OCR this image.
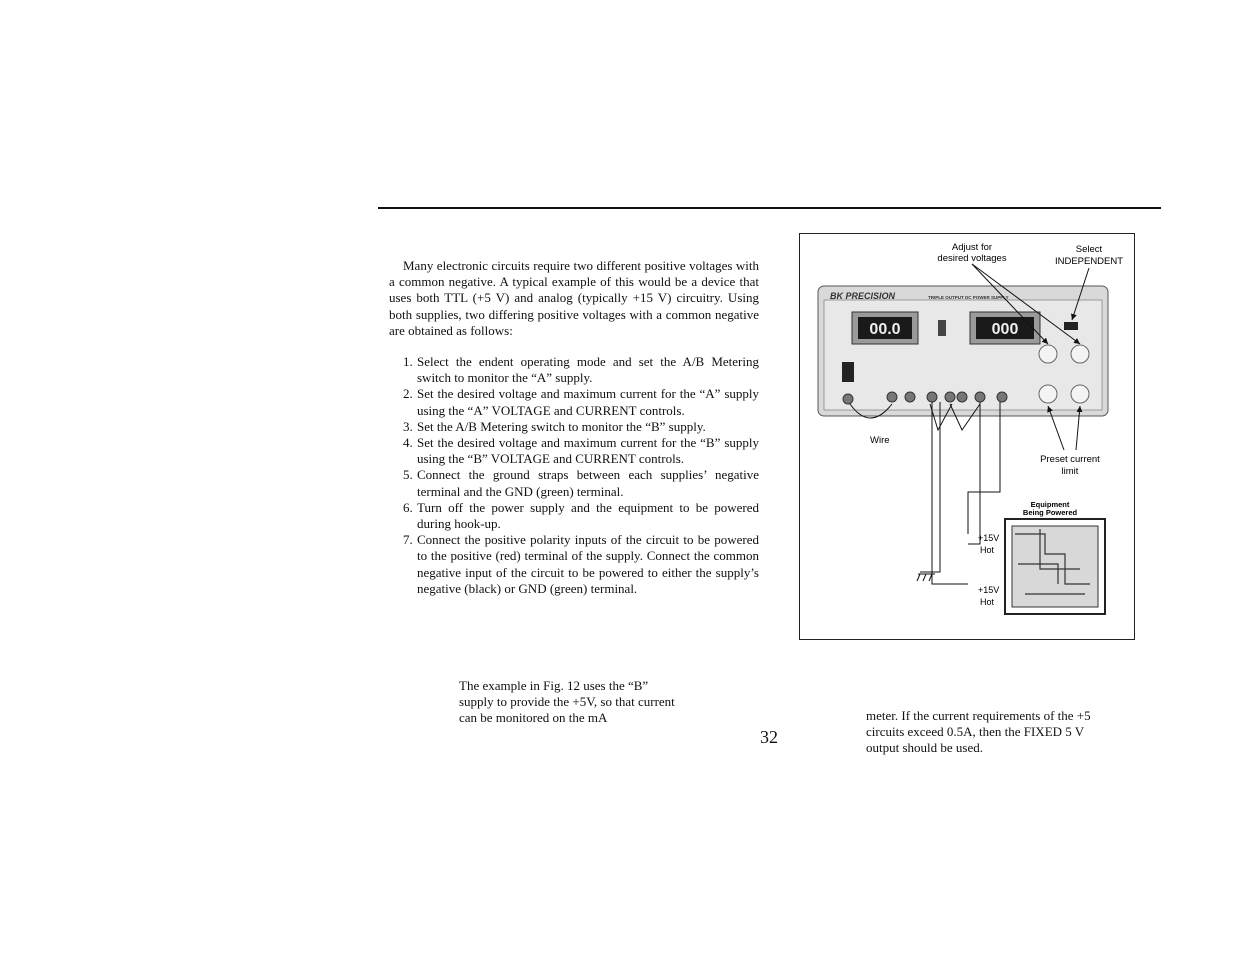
Many electronic circuits require two different positive voltages with a common negative. A typical example of this would be a device that uses both TTL (+5 V) and analog (typically +15 V) circuitry. Using both supplies, two differing positive voltages with a common negative are obtained as follows:

1. Select the endent operating mode and set the A/B Metering switch to monitor the “A” supply.
2. Set the desired voltage and maximum current for the “A” supply using the “A” VOLTAGE and CURRENT controls.
3. Set the A/B Metering switch to monitor the “B” supply.
4. Set the desired voltage and maximum current for the “B” supply using the “B” VOLTAGE and CURRENT controls.
5. Connect the ground straps between each supplies’ negative terminal and the GND (green) terminal.
6. Turn off the power supply and the equipment to be powered during hook-up.
7. Connect the positive polarity inputs of the circuit to be powered to the positive (red) terminal of the supply. Connect the common negative input of the circuit to be powered to either the supply’s negative (black) or GND (green) terminal.

The example in Fig. 12 uses the “B” supply to provide the +5V, so that current can be monitored on the mA

32

meter. If the current requirements of the +5 circuits exceed 0.5A, then the FIXED 5 V output should be used.

Adjust for
desired voltages
Select
INDEPENDENT
BK PRECISION	TRIPLE OUTPUT DC POWER SUPPLY
00.0	000
Wire
Preset current
limit
Equipment
Being Powered
+15V
Hot
+15V
Hot
